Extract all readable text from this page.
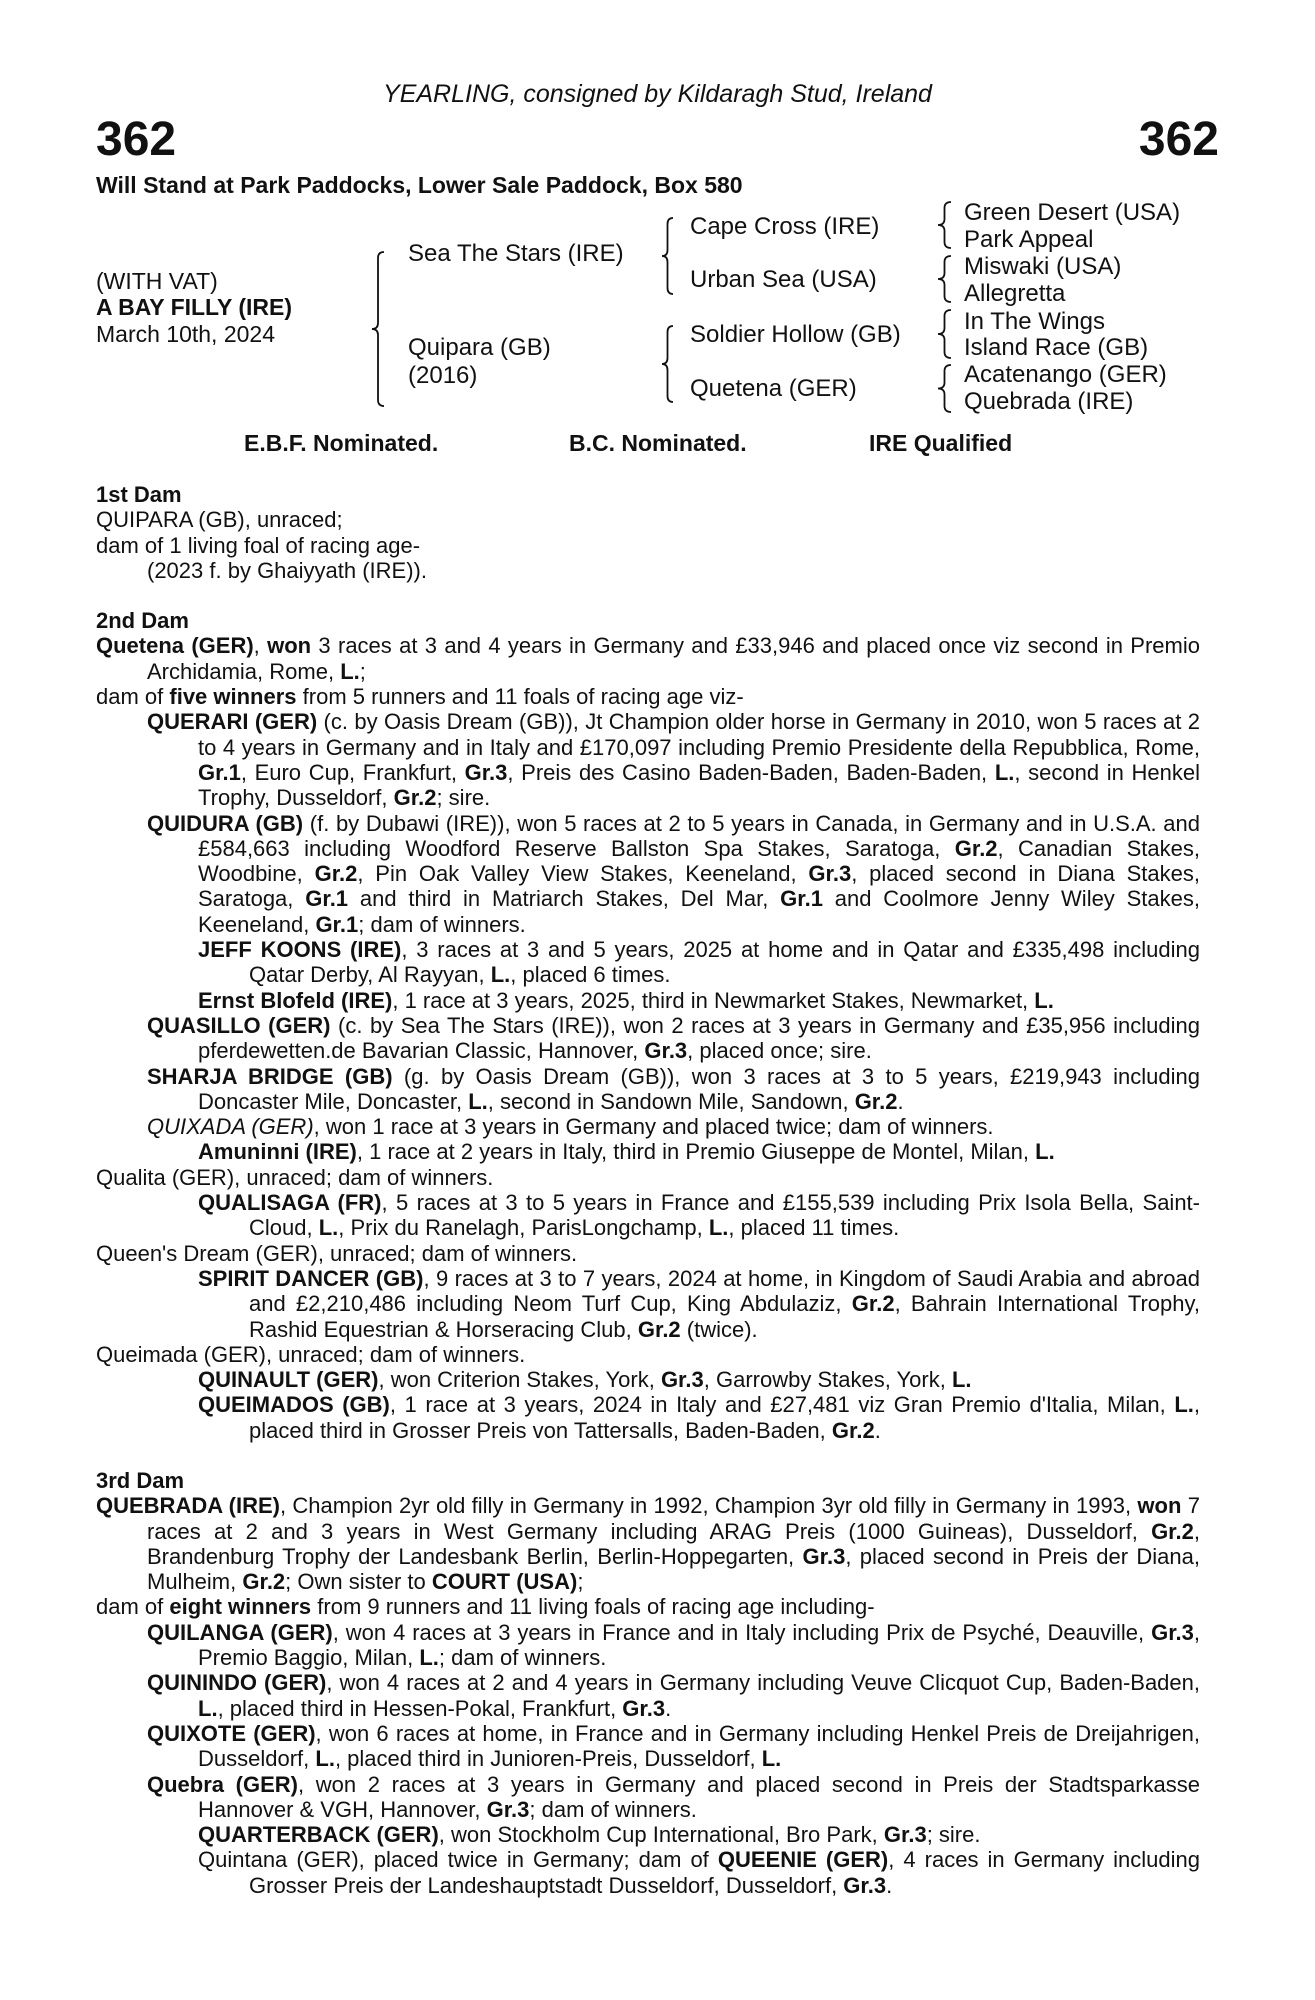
YEARLING, consigned by Kildaragh Stud, Ireland
362	362
Will Stand at Park Paddocks, Lower Sale Paddock, Box 580
(WITH VAT)
A BAY FILLY (IRE)
March 10th, 2024
Sea The Stars (IRE)
Quipara (GB)
(2016)
Cape Cross (IRE)
Urban Sea (USA)
Soldier Hollow (GB)
Quetena (GER)
Green Desert (USA)
Park Appeal
Miswaki (USA)
Allegretta
In The Wings
Island Race (GB)
Acatenango (GER)
Quebrada (IRE)
E.B.F. Nominated.	B.C. Nominated.	IRE Qualified
1st Dam
QUIPARA (GB), unraced;
dam of 1 living foal of racing age-
(2023 f. by Ghaiyyath (IRE)).
2nd Dam
Quetena (GER), won 3 races at 3 and 4 years in Germany and £33,946 and placed once viz second in Premio Archidamia, Rome, L.;
dam of five winners from 5 runners and 11 foals of racing age viz-
QUERARI (GER) (c. by Oasis Dream (GB)), Jt Champion older horse in Germany in 2010, won 5 races at 2 to 4 years in Germany and in Italy and £170,097 including Premio Presidente della Repubblica, Rome, Gr.1, Euro Cup, Frankfurt, Gr.3, Preis des Casino Baden-Baden, Baden-Baden, L., second in Henkel Trophy, Dusseldorf, Gr.2; sire.
QUIDURA (GB) (f. by Dubawi (IRE)), won 5 races at 2 to 5 years in Canada, in Germany and in U.S.A. and £584,663 including Woodford Reserve Ballston Spa Stakes, Saratoga, Gr.2, Canadian Stakes, Woodbine, Gr.2, Pin Oak Valley View Stakes, Keeneland, Gr.3, placed second in Diana Stakes, Saratoga, Gr.1 and third in Matriarch Stakes, Del Mar, Gr.1 and Coolmore Jenny Wiley Stakes, Keeneland, Gr.1; dam of winners.
JEFF KOONS (IRE), 3 races at 3 and 5 years, 2025 at home and in Qatar and £335,498 including Qatar Derby, Al Rayyan, L., placed 6 times.
Ernst Blofeld (IRE), 1 race at 3 years, 2025, third in Newmarket Stakes, Newmarket, L.
QUASILLO (GER) (c. by Sea The Stars (IRE)), won 2 races at 3 years in Germany and £35,956 including pferdewetten.de Bavarian Classic, Hannover, Gr.3, placed once; sire.
SHARJA BRIDGE (GB) (g. by Oasis Dream (GB)), won 3 races at 3 to 5 years, £219,943 including Doncaster Mile, Doncaster, L., second in Sandown Mile, Sandown, Gr.2.
QUIXADA (GER), won 1 race at 3 years in Germany and placed twice; dam of winners.
Amuninni (IRE), 1 race at 2 years in Italy, third in Premio Giuseppe de Montel, Milan, L.
Qualita (GER), unraced; dam of winners.
QUALISAGA (FR), 5 races at 3 to 5 years in France and £155,539 including Prix Isola Bella, Saint-Cloud, L., Prix du Ranelagh, ParisLongchamp, L., placed 11 times.
Queen's Dream (GER), unraced; dam of winners.
SPIRIT DANCER (GB), 9 races at 3 to 7 years, 2024 at home, in Kingdom of Saudi Arabia and abroad and £2,210,486 including Neom Turf Cup, King Abdulaziz, Gr.2, Bahrain International Trophy, Rashid Equestrian & Horseracing Club, Gr.2 (twice).
Queimada (GER), unraced; dam of winners.
QUINAULT (GER), won Criterion Stakes, York, Gr.3, Garrowby Stakes, York, L.
QUEIMADOS (GB), 1 race at 3 years, 2024 in Italy and £27,481 viz Gran Premio d'Italia, Milan, L., placed third in Grosser Preis von Tattersalls, Baden-Baden, Gr.2.
3rd Dam
QUEBRADA (IRE), Champion 2yr old filly in Germany in 1992, Champion 3yr old filly in Germany in 1993, won 7 races at 2 and 3 years in West Germany including ARAG Preis (1000 Guineas), Dusseldorf, Gr.2, Brandenburg Trophy der Landesbank Berlin, Berlin-Hoppegarten, Gr.3, placed second in Preis der Diana, Mulheim, Gr.2; Own sister to COURT (USA);
dam of eight winners from 9 runners and 11 living foals of racing age including-
QUILANGA (GER), won 4 races at 3 years in France and in Italy including Prix de Psyché, Deauville, Gr.3, Premio Baggio, Milan, L.; dam of winners.
QUININDO (GER), won 4 races at 2 and 4 years in Germany including Veuve Clicquot Cup, Baden-Baden, L., placed third in Hessen-Pokal, Frankfurt, Gr.3.
QUIXOTE (GER), won 6 races at home, in France and in Germany including Henkel Preis de Dreijahrigen, Dusseldorf, L., placed third in Junioren-Preis, Dusseldorf, L.
Quebra (GER), won 2 races at 3 years in Germany and placed second in Preis der Stadtsparkasse Hannover & VGH, Hannover, Gr.3; dam of winners.
QUARTERBACK (GER), won Stockholm Cup International, Bro Park, Gr.3; sire.
Quintana (GER), placed twice in Germany; dam of QUEENIE (GER), 4 races in Germany including Grosser Preis der Landeshauptstadt Dusseldorf, Dusseldorf, Gr.3.
